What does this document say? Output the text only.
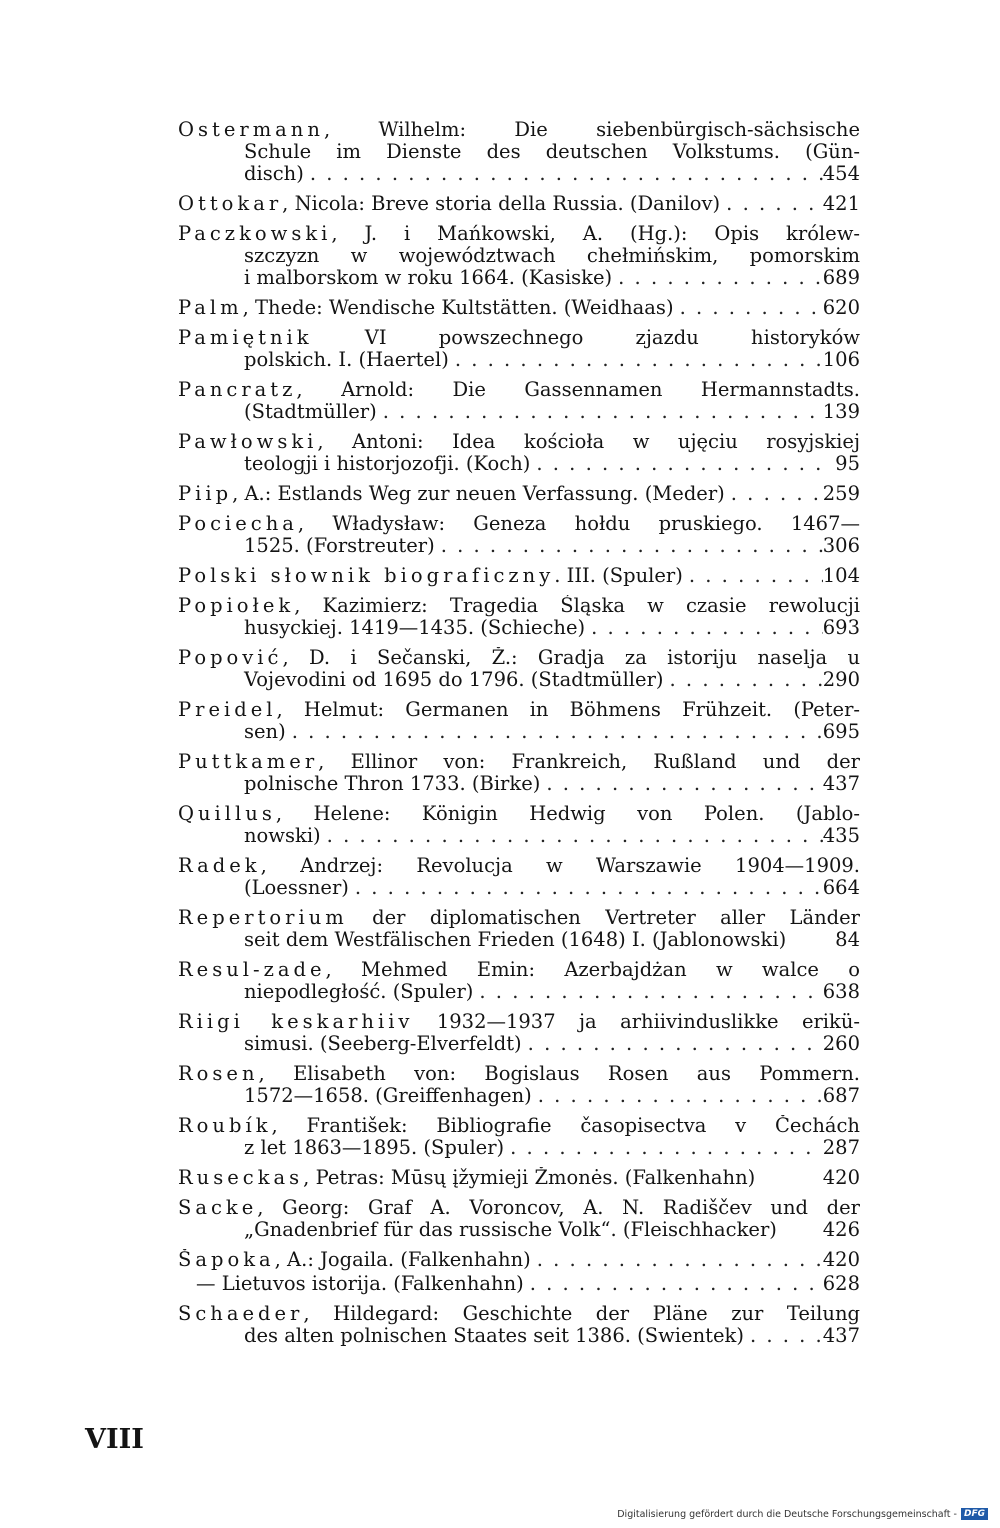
Ostermann, Wilhelm: Die siebenbürgisch-sächsische
Schule im Dienste des deutschen Volkstums. (Gün-
disch) . . .	454
Ottokar, Nicola: Breve storia della Russia. (Danilov) . . .	421
Paczkowski, J. i Mańkowski, A. (Hg.): Opis królew-
szczyzn w województwach chełmińskim, pomorskim
i malborskom w roku 1664. (Kasiske) . . .	689
Palm, Thede: Wendische Kultstätten. (Weidhaas) . . .	620
Pamiętnik VI powszechnego zjazdu historyków
polskich. I. (Haertel) . . .	106
Pancratz, Arnold: Die Gassennamen Hermannstadts.
(Stadtmüller) . . .	139
Pawłowski, Antoni: Idea kościoła w ujęciu rosyjskiej
teologji i historjozofji. (Koch) . . .	95
Piip, A.: Estlands Weg zur neuen Verfassung. (Meder) . . .	259
Pociecha, Władysław: Geneza hołdu pruskiego. 1467—
1525. (Forstreuter) . . .	306
Polski słownik biograficzny. III. (Spuler) . . .	104
Popiołek, Kazimierz: Tragedia Śląska w czasie rewolucji
husyckiej. 1419—1435. (Schieche) . . .	693
Popović, D. i Sečanski, Ž.: Gradja za istoriju naselja u
Vojevodini od 1695 do 1796. (Stadtmüller) . . .	290
Preidel, Helmut: Germanen in Böhmens Frühzeit. (Peter-
sen) . . .	695
Puttkamer, Ellinor von: Frankreich, Rußland und der
polnische Thron 1733. (Birke) . . .	437
Quillus, Helene: Königin Hedwig von Polen. (Jablo-
nowski) . . .	435
Radek, Andrzej: Revolucja w Warszawie 1904—1909.
(Loessner) . . .	664
Repertorium der diplomatischen Vertreter aller Länder
seit dem Westfälischen Frieden (1648) I. (Jablonowski)	84
Resul-zade, Mehmed Emin: Azerbajdżan w walce o
niepodległość. (Spuler) . . .	638
Riigi keskarhiiv 1932—1937 ja arhiivinduslikke erikü-
simusi. (Seeberg-Elverfeldt) . . .	260
Rosen, Elisabeth von: Bogislaus Rosen aus Pommern.
1572—1658. (Greiffenhagen) . . .	687
Roubík, František: Bibliografie časopisectva v Čechách
z let 1863—1895. (Spuler) . . .	287
Ruseckas, Petras: Mūsų įžymieji Žmonės. (Falkenhahn)	420
Sacke, Georg: Graf A. Voroncov, A. N. Radiščev und der
„Gnadenbrief für das russische Volk“. (Fleischhacker) 426
Šapoka, A.: Jogaila. (Falkenhahn) . . .	420
— Lietuvos istorija. (Falkenhahn) . . .	628
Schaeder, Hildegard: Geschichte der Pläne zur Teilung
des alten polnischen Staates seit 1386. (Swientek) . . .	437
VIII
Digitalisierung gefördert durch die Deutsche Forschungsgemeinschaft - DFG
